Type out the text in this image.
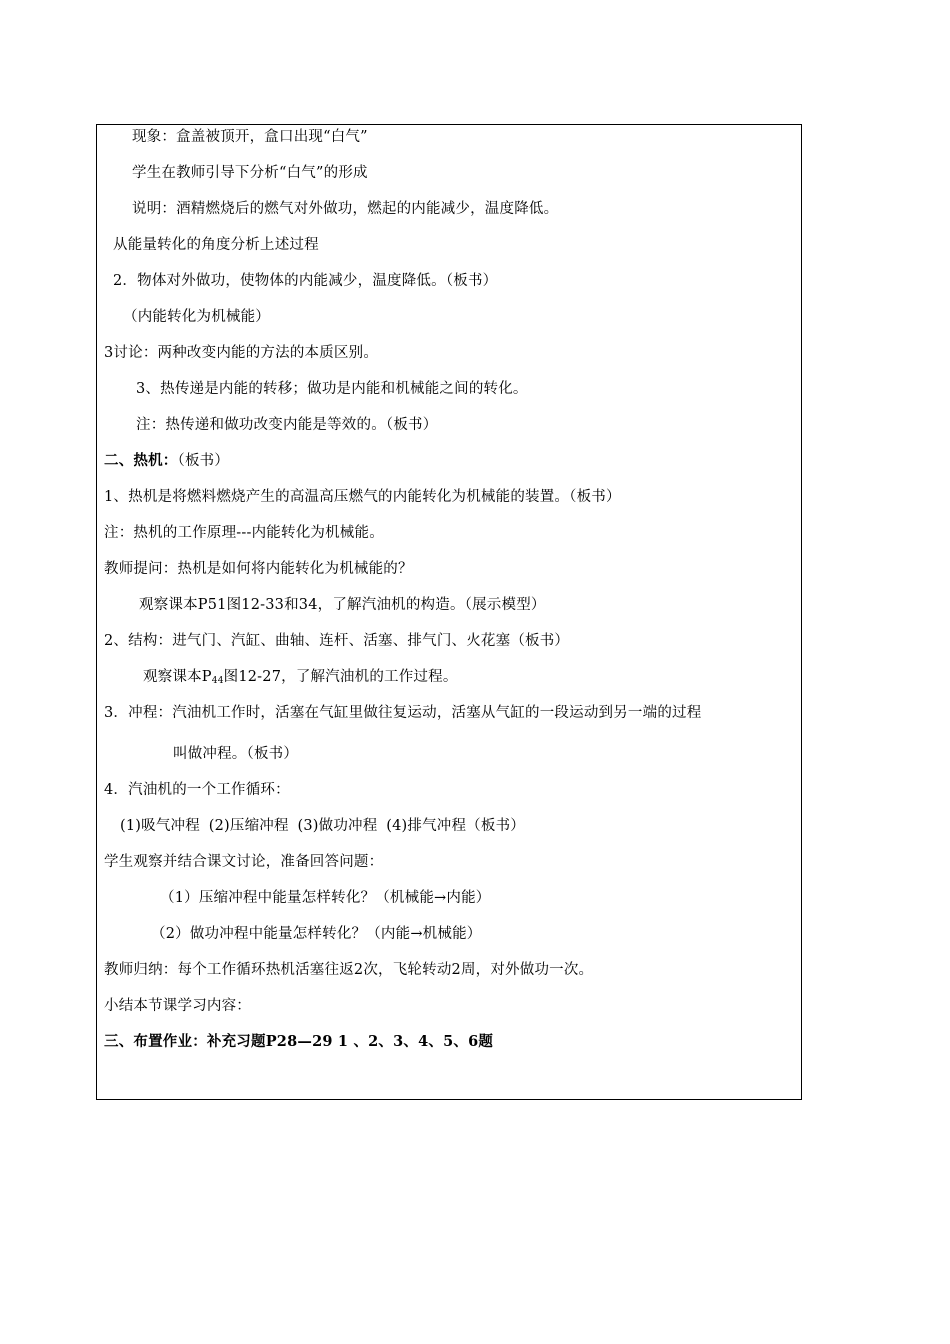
现象：盒盖被顶开，盒口出现“白气”
学生在教师引导下分析“白气”的形成
说明：酒精燃烧后的燃气对外做功，燃起的内能减少，温度降低。
从能量转化的角度分析上述过程
2．物体对外做功，使物体的内能减少，温度降低。（板书）
（内能转化为机械能）
3讨论：两种改变内能的方法的本质区别。
3、热传递是内能的转移；做功是内能和机械能之间的转化。
注：热传递和做功改变内能是等效的。（板书）
二、热机：（板书）
1、热机是将燃料燃烧产生的高温高压燃气的内能转化为机械能的装置。（板书）
注：热机的工作原理---内能转化为机械能。
教师提问：热机是如何将内能转化为机械能的？
观察课本P51图12-33和34，了解汽油机的构造。（展示模型）
2、结构：进气门、汽缸、曲轴、连杆、活塞、排气门、火花塞（板书）
观察课本$P_{44}$图12-27，了解汽油机的工作过程。
3．冲程：汽油机工作时，活塞在气缸里做往复运动，活塞从气缸的一段运动到另一端的过程
叫做冲程。（板书）
4．汽油机的一个工作循环：
(1)吸气冲程 (2)压缩冲程 (3)做功冲程 (4)排气冲程（板书）
学生观察并结合课文讨论，准备回答问题：
（1）压缩冲程中能量怎样转化？（机械能→内能）
（2）做功冲程中能量怎样转化？（内能→机械能）
教师归纳：每个工作循环热机活塞往返2次，飞轮转动2周，对外做功一次。
小结本节课学习内容：
三、布置作业：补充习题P28—29 1 、2、3、4、5、6题
